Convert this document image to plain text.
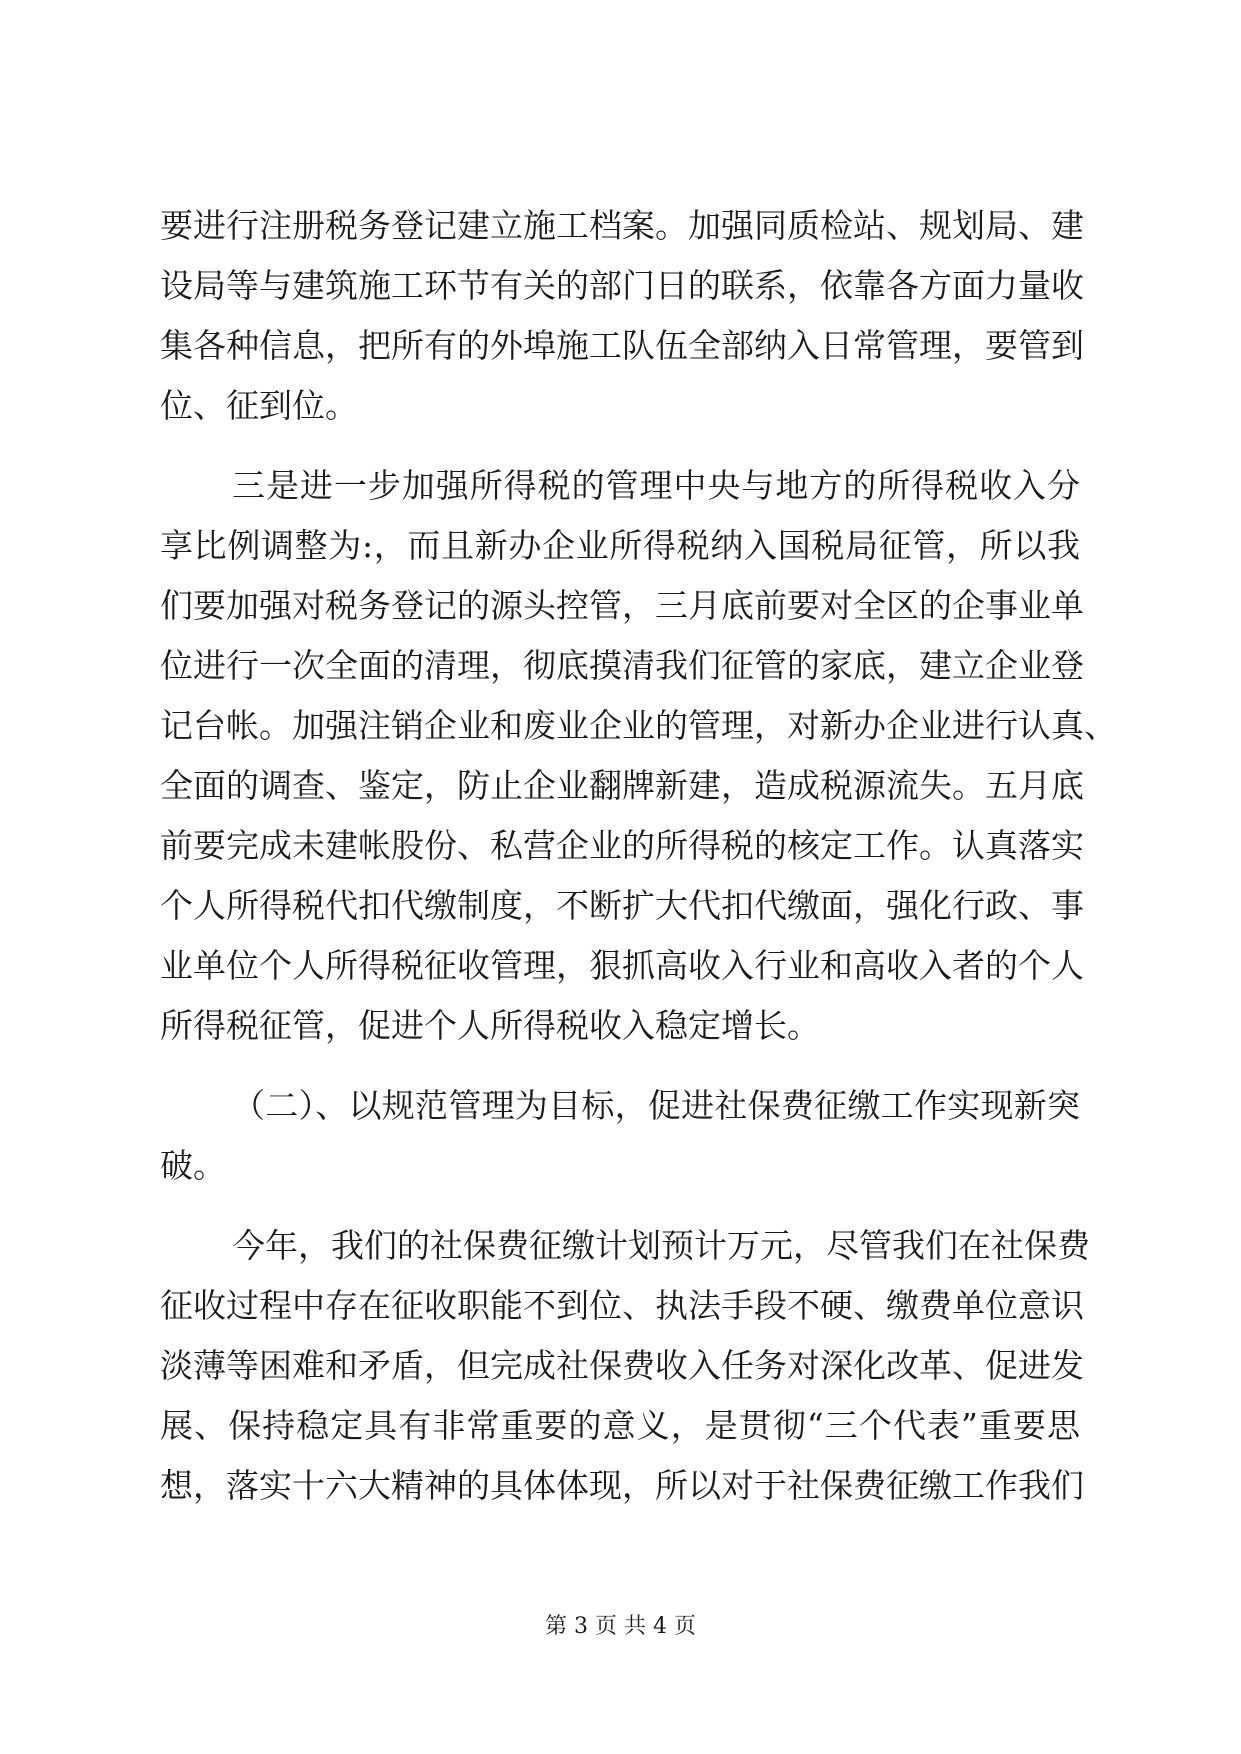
要进行注册税务登记建立施工档案。加强同质检站、规划局、建
设局等与建筑施工环节有关的部门日的联系，依靠各方面力量收
集各种信息，把所有的外埠施工队伍全部纳入日常管理，要管到
位、征到位。
三是进一步加强所得税的管理中央与地方的所得税收入分
享比例调整为:，而且新办企业所得税纳入国税局征管，所以我
们要加强对税务登记的源头控管，三月底前要对全区的企事业单
位进行一次全面的清理，彻底摸清我们征管的家底，建立企业登
记台帐。加强注销企业和废业企业的管理，对新办企业进行认真、
全面的调查、鉴定，防止企业翻牌新建，造成税源流失。五月底
前要完成未建帐股份、私营企业的所得税的核定工作。认真落实
个人所得税代扣代缴制度，不断扩大代扣代缴面，强化行政、事
业单位个人所得税征收管理，狠抓高收入行业和高收入者的个人
所得税征管，促进个人所得税收入稳定增长。
（二）、以规范管理为目标，促进社保费征缴工作实现新突
破。
今年，我们的社保费征缴计划预计万元，尽管我们在社保费
征收过程中存在征收职能不到位、执法手段不硬、缴费单位意识
淡薄等困难和矛盾，但完成社保费收入任务对深化改革、促进发
展、保持稳定具有非常重要的意义，是贯彻“三个代表”重要思
想，落实十六大精神的具体体现，所以对于社保费征缴工作我们
第 3 页 共 4 页
